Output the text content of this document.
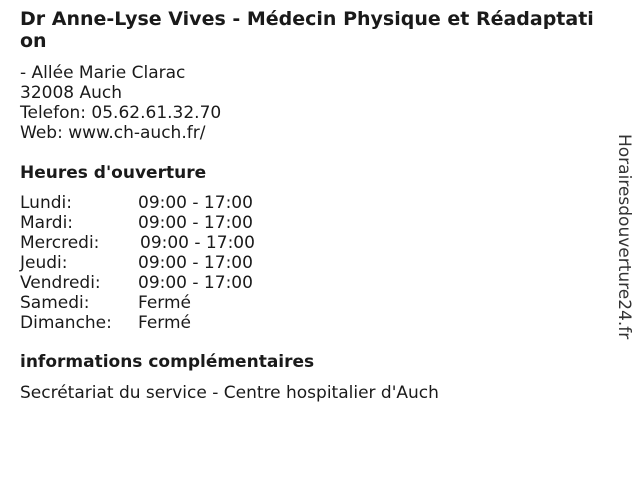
Dr Anne-Lyse Vives - Médecin Physique et Réadaptation
- Allée Marie Clarac
32008 Auch
Telefon: 05.62.61.32.70
Web: www.ch-auch.fr/
Heures d'ouverture
Lundi:	09:00 - 17:00
Mardi:	09:00 - 17:00
Mercredi:	09:00 - 17:00
Jeudi:	09:00 - 17:00
Vendredi:	09:00 - 17:00
Samedi:	Fermé
Dimanche:	Fermé
informations complémentaires
Secrétariat du service - Centre hospitalier d'Auch
Horairesdouverture24.fr
